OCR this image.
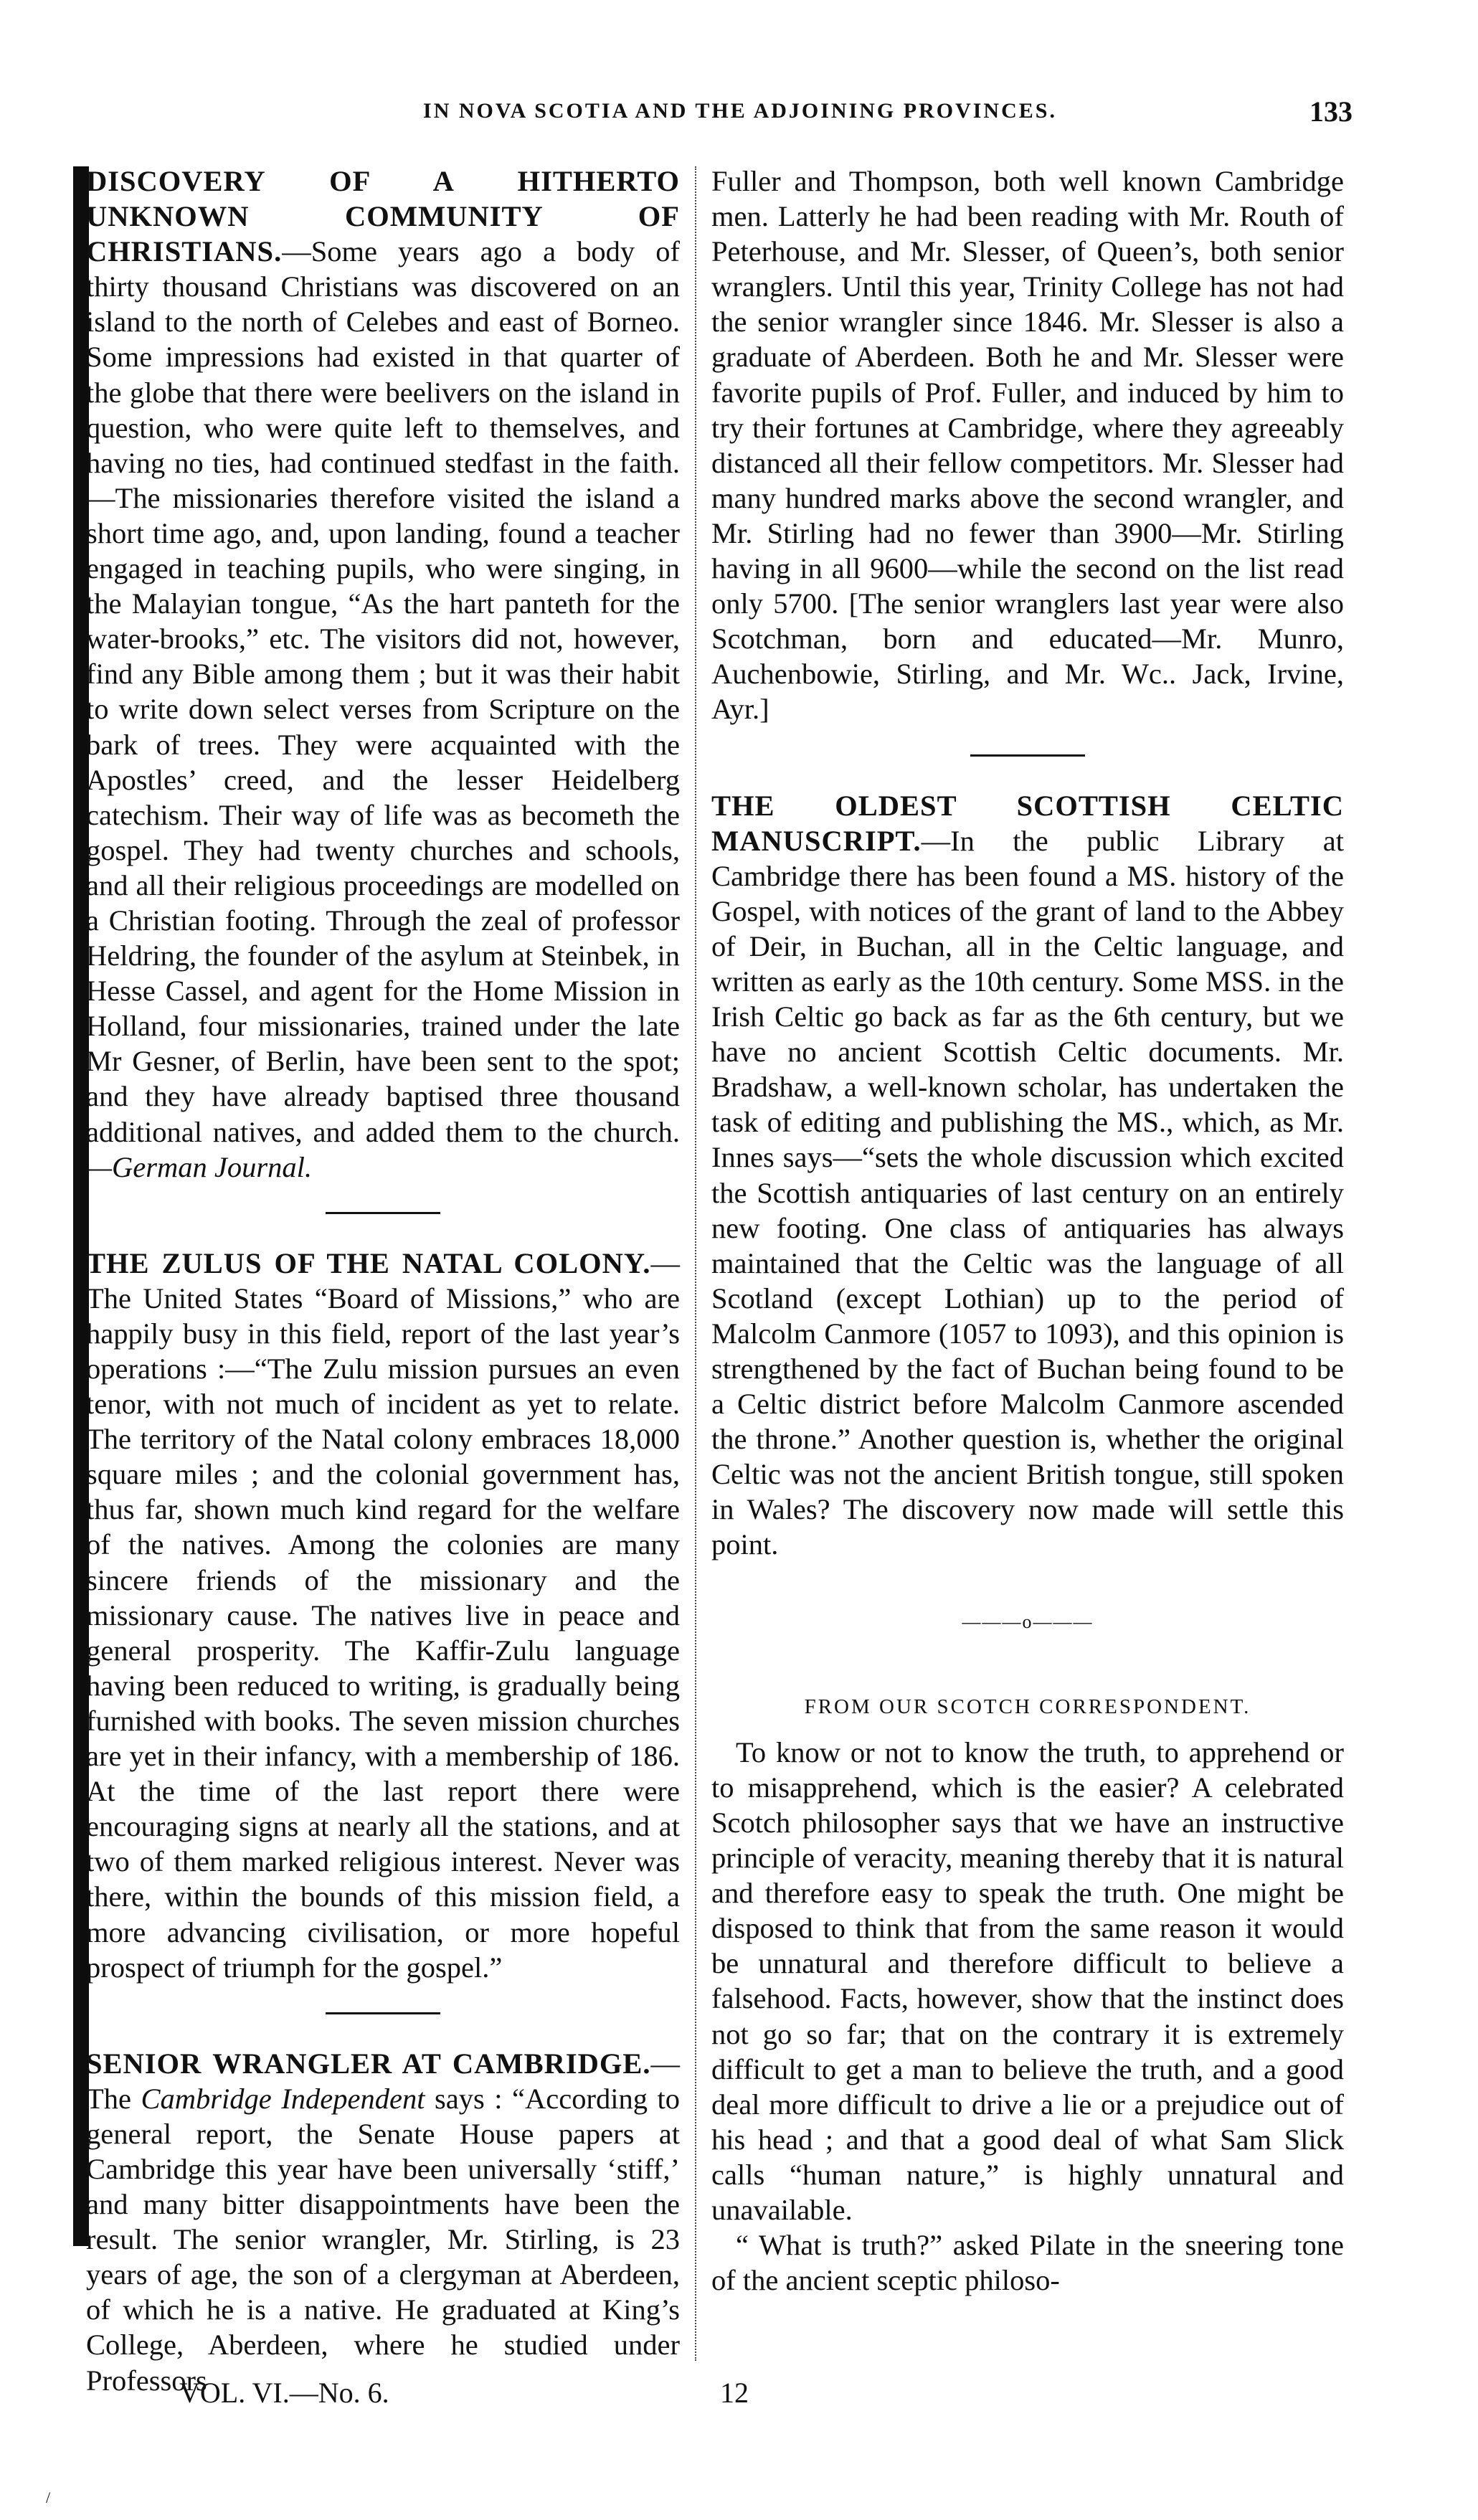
IN NOVA SCOTIA AND THE ADJOINING PROVINCES.	133

DISCOVERY OF A HITHERTO UNKNOWN COMMUNITY OF CHRISTIANS.—Some years ago a body of thirty thousand Christians was discovered on an island to the north of Celebes and east of Borneo. Some impressions had existed in that quarter of the globe that there were beelivers on the island in question, who were quite left to themselves, and having no ties, had continued stedfast in the faith.—The missionaries therefore visited the island a short time ago, and, upon landing, found a teacher engaged in teaching pupils, who were singing, in the Malayian tongue, “As the hart panteth for the water-brooks,” etc. The visitors did not, however, find any Bible among them ; but it was their habit to write down select verses from Scripture on the bark of trees. They were acquainted with the Apostles’ creed, and the lesser Heidelberg catechism. Their way of life was as becometh the gospel. They had twenty churches and schools, and all their religious proceedings are modelled on a Christian footing. Through the zeal of professor Heldring, the founder of the asylum at Steinbek, in Hesse Cassel, and agent for the Home Mission in Holland, four missionaries, trained under the late Mr Gesner, of Berlin, have been sent to the spot; and they have already baptised three thousand additional natives, and added them to the church.—German Journal.

THE ZULUS OF THE NATAL COLONY.—The United States “Board of Missions,” who are happily busy in this field, report of the last year’s operations :—“The Zulu mission pursues an even tenor, with not much of incident as yet to relate. The territory of the Natal colony embraces 18,000 square miles ; and the colonial government has, thus far, shown much kind regard for the welfare of the natives. Among the colonies are many sincere friends of the missionary and the missionary cause. The natives live in peace and general prosperity. The Kaffir-Zulu language having been reduced to writing, is gradually being furnished with books. The seven mission churches are yet in their infancy, with a membership of 186. At the time of the last report there were encouraging signs at nearly all the stations, and at two of them marked religious interest. Never was there, within the bounds of this mission field, a more advancing civilisation, or more hopeful prospect of triumph for the gospel.”

SENIOR WRANGLER AT CAMBRIDGE.—The Cambridge Independent says : “According to general report, the Senate House papers at Cambridge this year have been universally ‘stiff,’ and many bitter disappointments have been the result. The senior wrangler, Mr. Stirling, is 23 years of age, the son of a clergyman at Aberdeen, of which he is a native. He graduated at King’s College, Aberdeen, where he studied under Professors

Fuller and Thompson, both well known Cambridge men. Latterly he had been reading with Mr. Routh of Peterhouse, and Mr. Slesser, of Queen’s, both senior wranglers. Until this year, Trinity College has not had the senior wrangler since 1846. Mr. Slesser is also a graduate of Aberdeen. Both he and Mr. Slesser were favorite pupils of Prof. Fuller, and induced by him to try their fortunes at Cambridge, where they agreeably distanced all their fellow competitors. Mr. Slesser had many hundred marks above the second wrangler, and Mr. Stirling had no fewer than 3900—Mr. Stirling having in all 9600—while the second on the list read only 5700. [The senior wranglers last year were also Scotchman, born and educated—Mr. Munro, Auchenbowie, Stirling, and Mr. Wc.. Jack, Irvine, Ayr.]

THE OLDEST SCOTTISH CELTIC MANUSCRIPT.—In the public Library at Cambridge there has been found a MS. history of the Gospel, with notices of the grant of land to the Abbey of Deir, in Buchan, all in the Celtic language, and written as early as the 10th century. Some MSS. in the Irish Celtic go back as far as the 6th century, but we have no ancient Scottish Celtic documents. Mr. Bradshaw, a well-known scholar, has undertaken the task of editing and publishing the MS., which, as Mr. Innes says—“sets the whole discussion which excited the Scottish antiquaries of last century on an entirely new footing. One class of antiquaries has always maintained that the Celtic was the language of all Scotland (except Lothian) up to the period of Malcolm Canmore (1057 to 1093), and this opinion is strengthened by the fact of Buchan being found to be a Celtic district before Malcolm Canmore ascended the throne.” Another question is, whether the original Celtic was not the ancient British tongue, still spoken in Wales? The discovery now made will settle this point.

———o———
FROM OUR SCOTCH CORRESPONDENT.

To know or not to know the truth, to apprehend or to misapprehend, which is the easier? A celebrated Scotch philosopher says that we have an instructive principle of veracity, meaning thereby that it is natural and therefore easy to speak the truth. One might be disposed to think that from the same reason it would be unnatural and therefore difficult to believe a falsehood. Facts, however, show that the instinct does not go so far; that on the contrary it is extremely difficult to get a man to believe the truth, and a good deal more difficult to drive a lie or a prejudice out of his head ; and that a good deal of what Sam Slick calls “human nature,” is highly unnatural and unavailable.

“ What is truth?” asked Pilate in the sneering tone of the ancient sceptic philoso-

VOL. VI.—No. 6.	12
/
